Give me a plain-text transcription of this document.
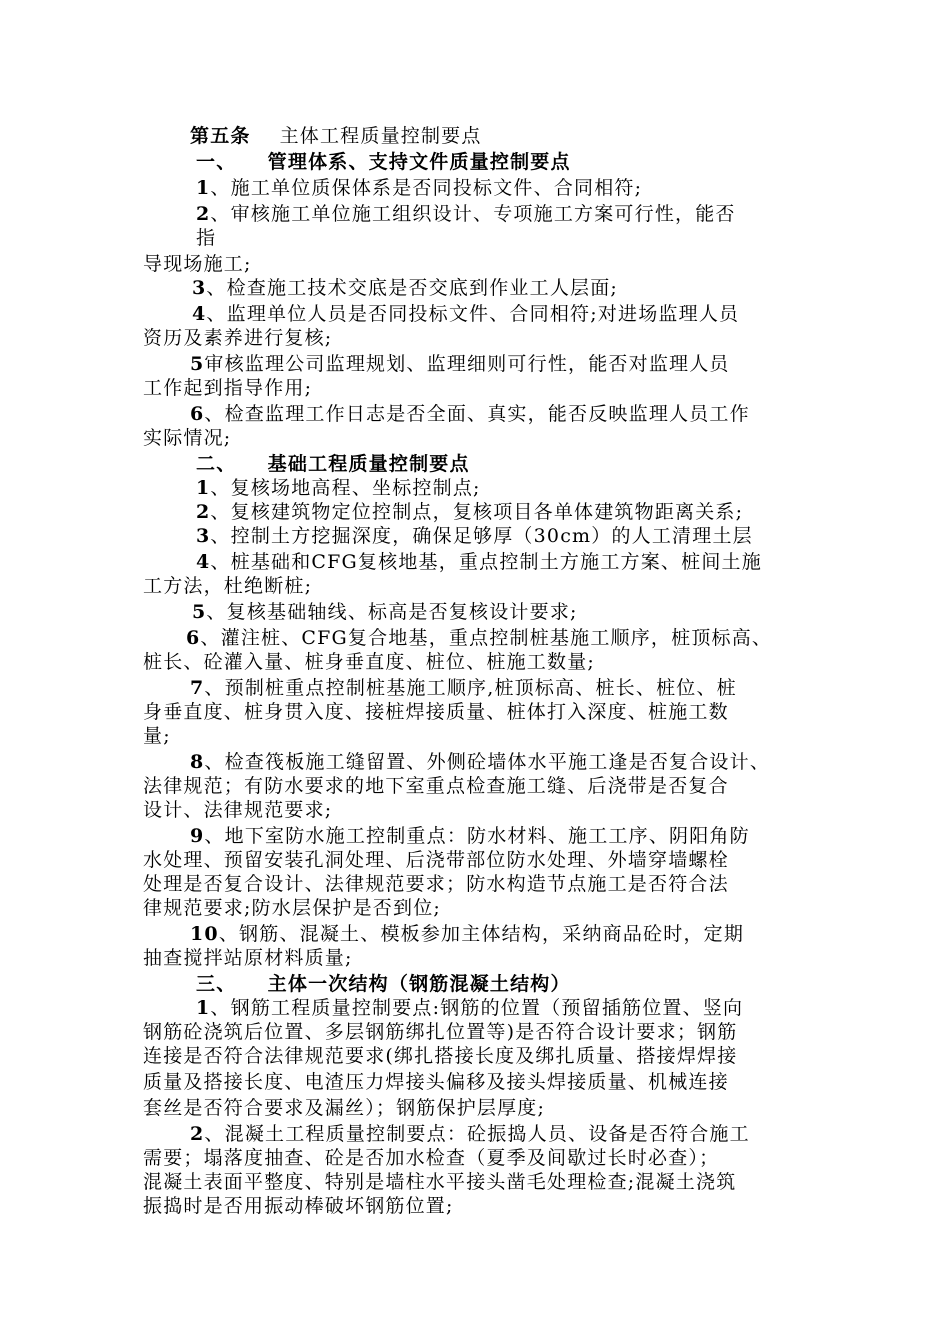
第五条 主体工程质量控制要点
一、 管理体系、支持文件质量控制要点
1、施工单位质保体系是否同投标文件、合同相符;
2、审核施工单位施工组织设计、专项施工方案可行性，能否
指
导现场施工;
3、检查施工技术交底是否交底到作业工人层面;
4、监理单位人员是否同投标文件、合同相符;对进场监理人员
资历及素养进行复核;
5审核监理公司监理规划、监理细则可行性，能否对监理人员
工作起到指导作用;
6、检查监理工作日志是否全面、真实，能否反映监理人员工作
实际情况;
二、 基础工程质量控制要点
1、复核场地高程、坐标控制点;
2、复核建筑物定位控制点，复核项目各单体建筑物距离关系;
3、控制土方挖掘深度，确保足够厚（30cm）的人工清理土层
4、桩基础和CFG复核地基，重点控制土方施工方案、桩间土施
工方法，杜绝断桩;
5、复核基础轴线、标高是否复核设计要求;
6、灌注桩、CFG复合地基，重点控制桩基施工顺序，桩顶标高、
桩长、砼灌入量、桩身垂直度、桩位、桩施工数量;
7、预制桩重点控制桩基施工顺序,桩顶标高、桩长、桩位、桩
身垂直度、桩身贯入度、接桩焊接质量、桩体打入深度、桩施工数
量;
8、检查筏板施工缝留置、外侧砼墙体水平施工逢是否复合设计、
法律规范；有防水要求的地下室重点检查施工缝、后浇带是否复合
设计、法律规范要求;
9、地下室防水施工控制重点：防水材料、施工工序、阴阳角防
水处理、预留安装孔洞处理、后浇带部位防水处理、外墙穿墙螺栓
处理是否复合设计、法律规范要求；防水构造节点施工是否符合法
律规范要求;防水层保护是否到位;
10、钢筋、混凝土、模板参加主体结构，采纳商品砼时，定期
抽查搅拌站原材料质量;
三、 主体一次结构（钢筋混凝土结构）
1、钢筋工程质量控制要点:钢筋的位置（预留插筋位置、竖向
钢筋砼浇筑后位置、多层钢筋绑扎位置等)是否符合设计要求；钢筋
连接是否符合法律规范要求(绑扎搭接长度及绑扎质量、搭接焊焊接
质量及搭接长度、电渣压力焊接头偏移及接头焊接质量、机械连接
套丝是否符合要求及漏丝）；钢筋保护层厚度;
2、混凝土工程质量控制要点：砼振捣人员、设备是否符合施工
需要；塌落度抽查、砼是否加水检查（夏季及间歇过长时必查）；
混凝土表面平整度、特别是墙柱水平接头凿毛处理检查;混凝土浇筑
振捣时是否用振动棒破坏钢筋位置;
